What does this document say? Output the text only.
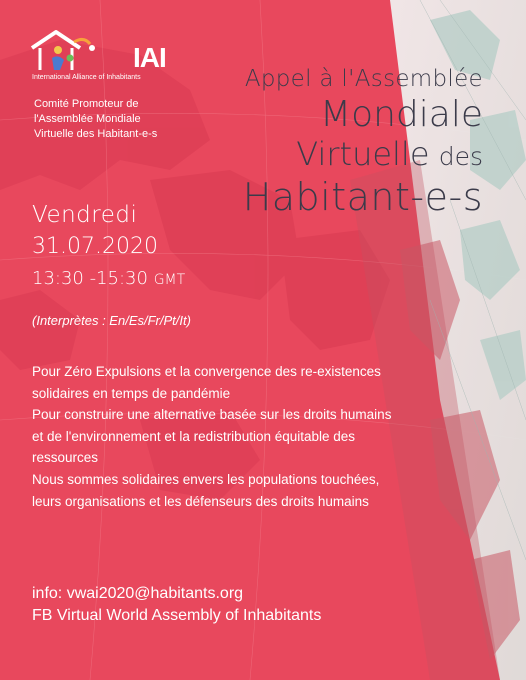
IAI
International Alliance of Inhabitants
Comité Promoteur de
l'Assemblée Mondiale
Virtuelle des Habitant-e-s
Appel à l'Assemblée
Mondiale
Virtuelle des
Habitant-e-s
Vendredi
31.07.2020
13:30 -15:30 GMT
(Interprètes : En/Es/Fr/Pt/It)

Pour Zéro Expulsions et la convergence des re-existences solidaires en temps de pandémie

Pour construire une alternative basée sur les droits humains et de l'environnement et la redistribution équitable des ressources

Nous sommes solidaires envers les populations touchées, leurs organisations et les défenseurs des droits humains

info: vwai2020@habitants.org
FB Virtual World Assembly of Inhabitants
